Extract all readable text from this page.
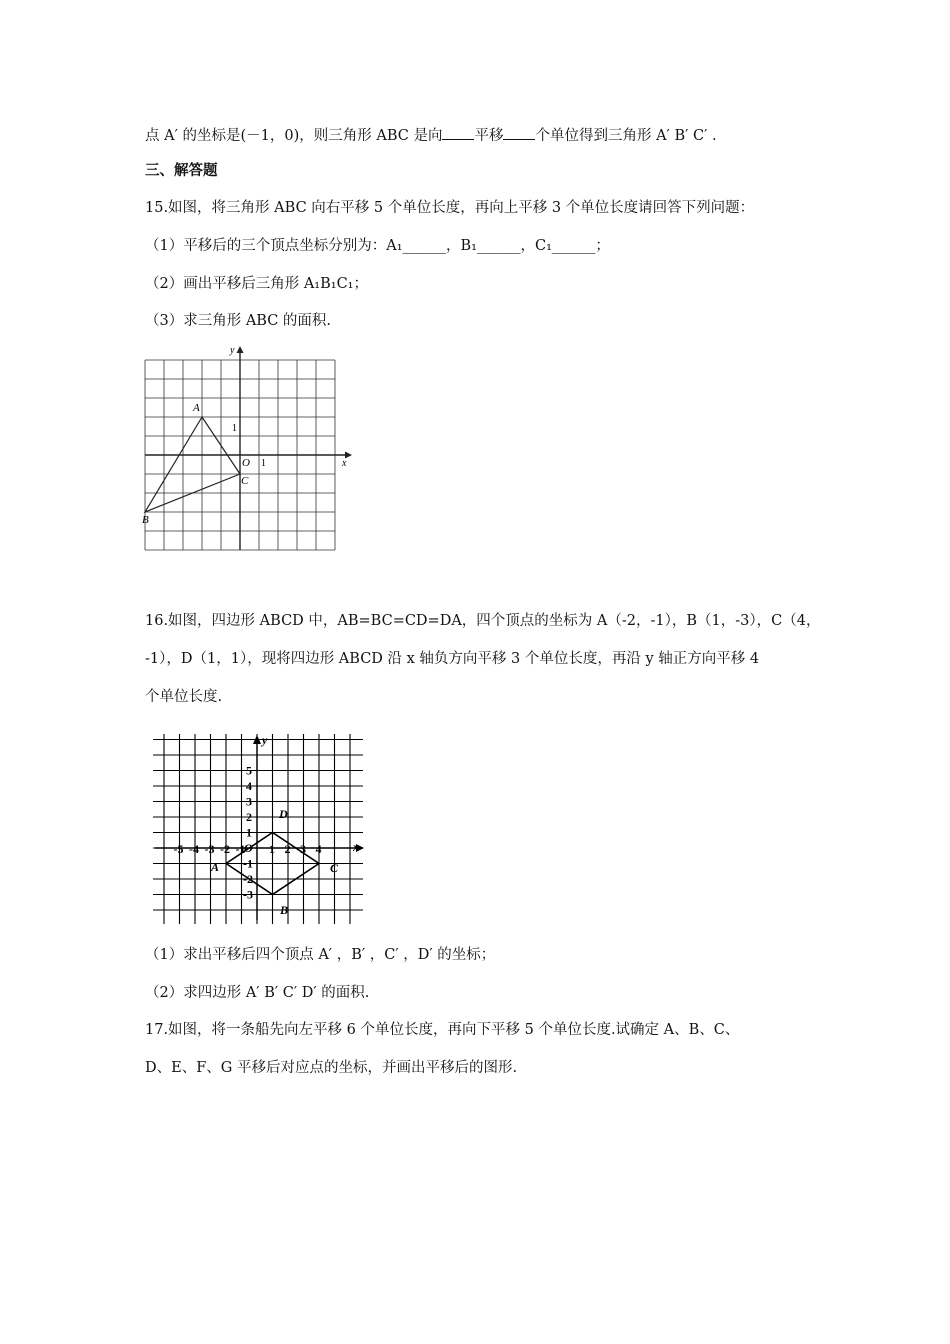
点 A′ 的坐标是(－1，0)，则三角形 ABC 是向 平移 个单位得到三角形 A′ B′ C′ .
三、解答题
15.如图，将三角形 ABC 向右平移 5 个单位长度，再向上平移 3 个单位长度请回答下列问题：
（1）平移后的三个顶点坐标分别为：A₁______，B₁______，C₁______；
（2）画出平移后三角形 A₁B₁C₁；
（3）求三角形 ABC 的面积.
x
y
O 1
1
A
B
C
16.如图，四边形 ABCD 中，AB=BC=CD=DA，四个顶点的坐标为 A（-2，-1），B（1，-3），C（4，
-1），D（1，1），现将四边形 ABCD 沿 x 轴负方向平移 3 个单位长度，再沿 y 轴正方向平移 4
个单位长度.
-5 -4 -3 -2 -1 1 2 3 4
5
4
3
2
1
-1
-2
-3
x
y
O
A
B
C
D
（1）求出平移后四个顶点 A′ ，B′ ，C′ ，D′ 的坐标；
（2）求四边形 A′ B′ C′ D′ 的面积.
17.如图，将一条船先向左平移 6 个单位长度，再向下平移 5 个单位长度.试确定 A、B、C、
D、E、F、G 平移后对应点的坐标，并画出平移后的图形.
